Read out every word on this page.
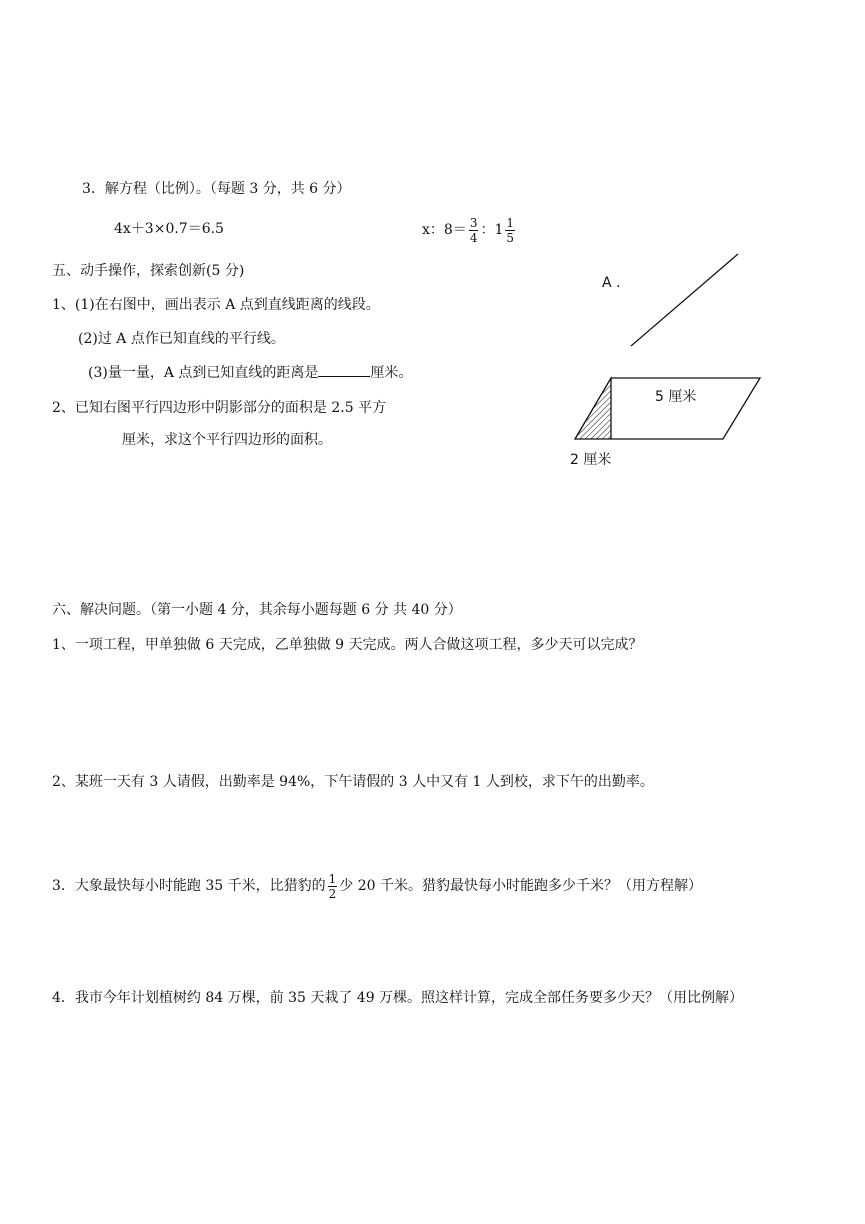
3．解方程（比例）。（每题 3 分，共 6 分）
4x＋3×0.7＝6.5	x：$8= \frac{3}{4}$ ：$1 \frac{1}{5}$
五、动手操作，探索创新(5 分)
1、(1)在右图中，画出表示 A 点到直线距离的线段。
(2)过 A 点作已知直线的平行线。
(3)量一量，A 点到已知直线的距离是	厘米。
2、已知右图平行四边形中阴影部分的面积是 2.5 平方
厘米，求这个平行四边形的面积。
A .
5 厘米
2 厘米
六、解决问题。（第一小题 4 分，其余每小题每题 6 分 共 40 分）
1、一项工程，甲单独做 6 天完成，乙单独做 9 天完成。两人合做这项工程，多少天可以完成？
2、某班一天有 3 人请假，出勤率是 94%，下午请假的 3 人中又有 1 人到校，求下午的出勤率。
3．大象最快每小时能跑 35 千米，比猎豹的 $\frac{1}{2}$ 少 20 千米。猎豹最快每小时能跑多少千米？（用方程解）
4．我市今年计划植树约 84 万棵，前 35 天栽了 49 万棵。照这样计算，完成全部任务要多少天？（用比例解）
